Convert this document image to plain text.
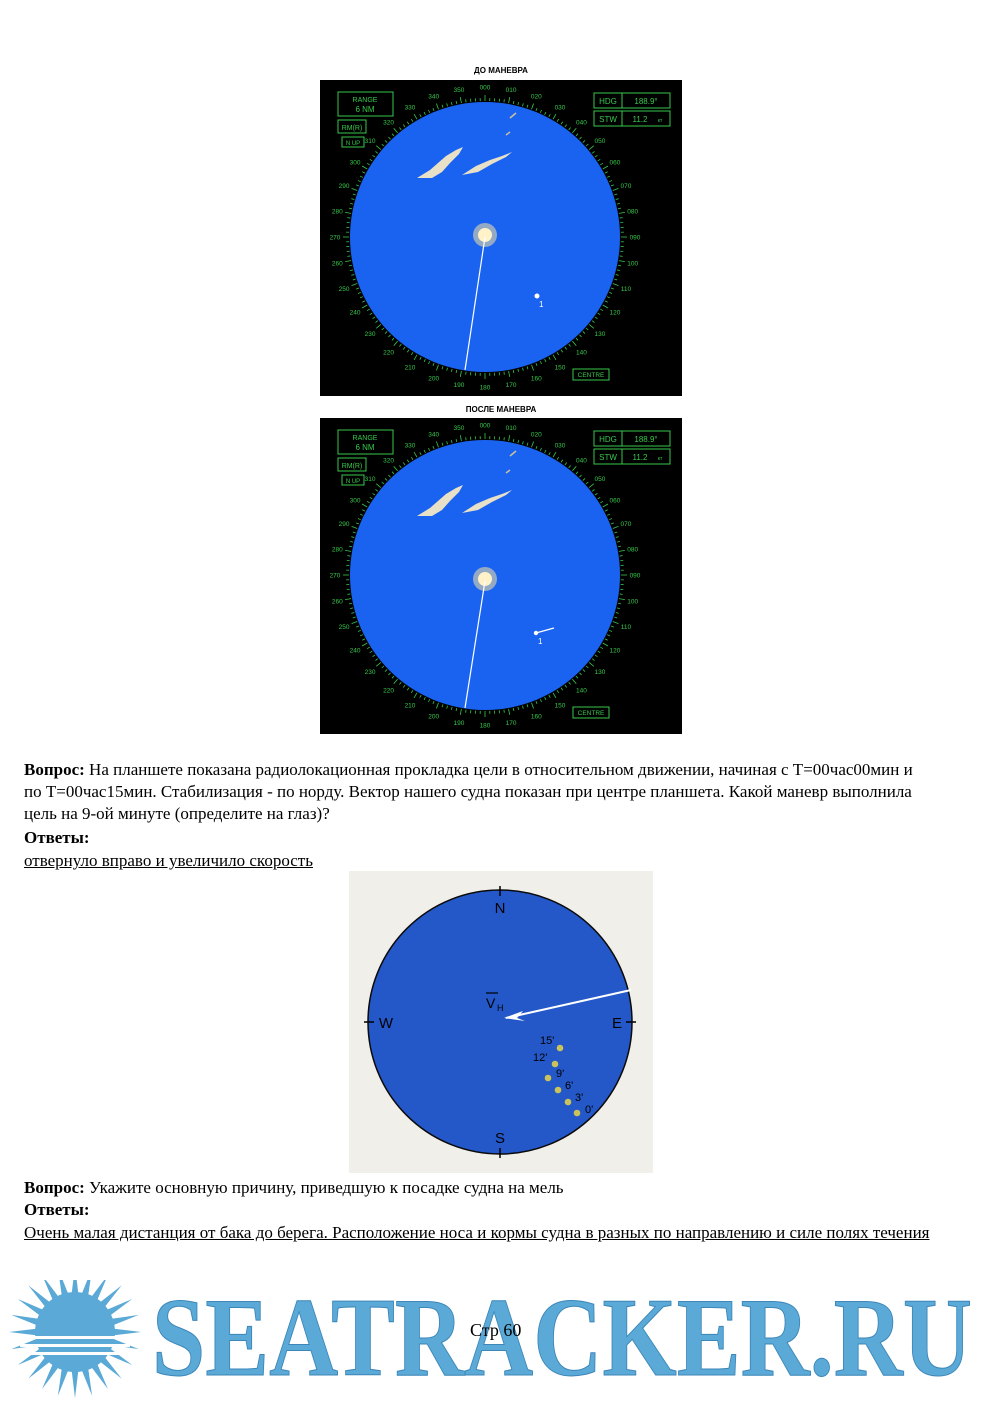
ДО МАНЕВРА
000 010
020
030
040
050
060
070
080
090
100
110
120
130
140
150
160
170
180
190
200
210
220
230
240
250
260
270
280
290
300
310
320
330
340
350
1
RANGE
6 NM
RM(R)
N UP
HDG 188.9°
STW 11.2 кт
CENTRE
ПОСЛЕ МАНЕВРА
000 010
020
030
040
050
060
070
080
090
100
110
120
130
140
150
160
170
180
190
200
210
220
230
240
250
260
270
280
290
300
310
320
330
340
350
1
RANGE
6 NM
RM(R)
N UP
HDG 188.9°
STW 11.2 кт
CENTRE
Вопрос: На планшете показана радиолокационная прокладка цели в относительном движении, начиная с Т=00час00мин и по Т=00час15мин. Стабилизация - по норду. Вектор нашего судна показан при центре планшета. Какой маневр выполнила цель на 9-ой минуте (определите на глаз)?
Ответы:
отвернуло вправо и увеличило скорость
N
S
W	E
V H
15'
12'
9'
6'
3'
0'
Вопрос: Укажите основную причину, приведшую к посадке судна на мель
Ответы:
Очень малая дистанция от бака до берега. Расположение носа и кормы судна в разных по направлению и силе полях течения
SEATRACKER.RU
Стр 60
